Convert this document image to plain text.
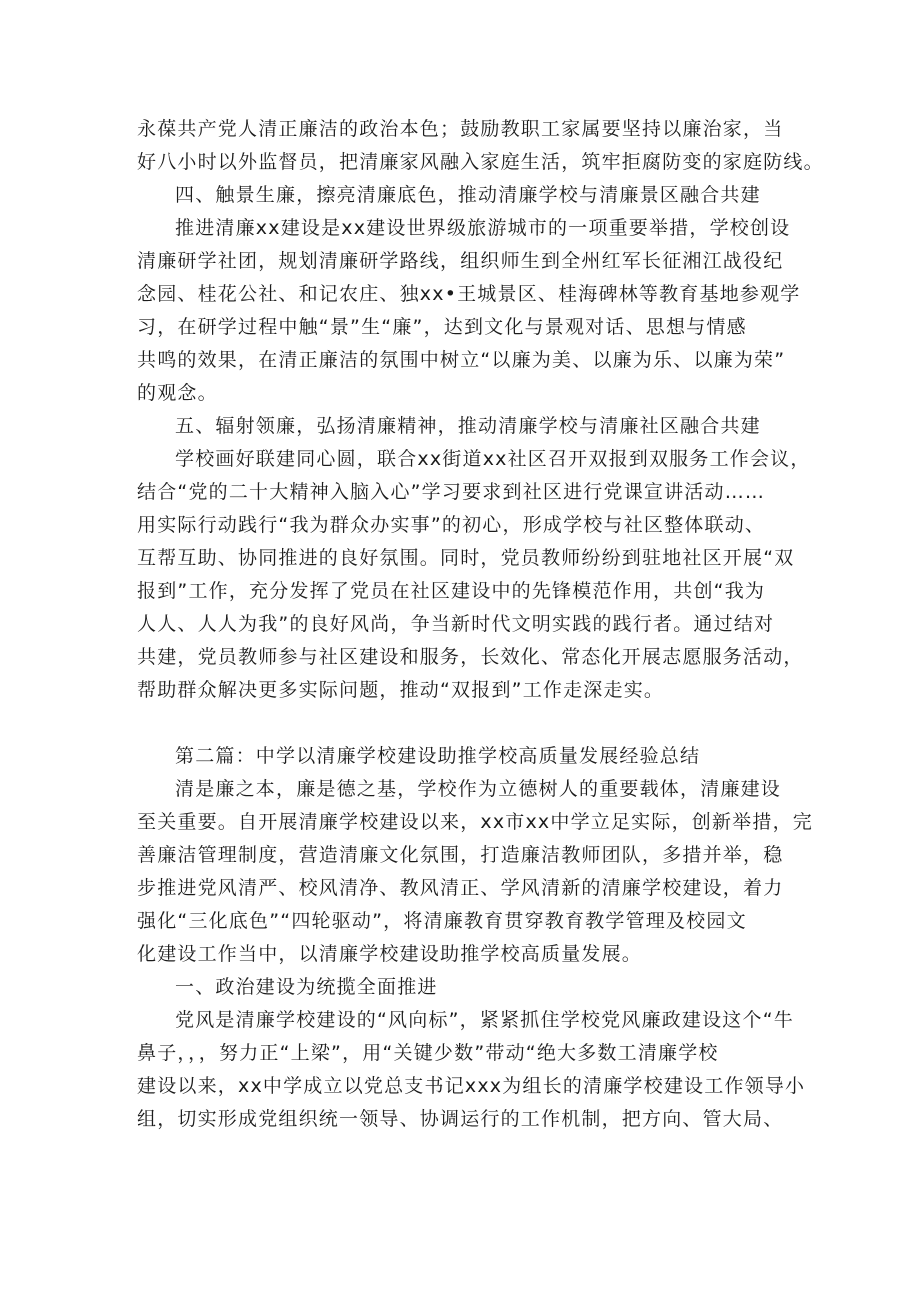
永葆共产党人清正廉洁的政治本色；鼓励教职工家属要坚持以廉治家，当
好八小时以外监督员，把清廉家风融入家庭生活，筑牢拒腐防变的家庭防线。
四、触景生廉，擦亮清廉底色，推动清廉学校与清廉景区融合共建
推进清廉xx建设是xx建设世界级旅游城市的一项重要举措，学校创设
清廉研学社团，规划清廉研学路线，组织师生到全州红军长征湘江战役纪
念园、桂花公社、和记农庄、独xx•王城景区、桂海碑林等教育基地参观学
习，在研学过程中触“景”生“廉”，达到文化与景观对话、思想与情感
共鸣的效果，在清正廉洁的氛围中树立“以廉为美、以廉为乐、以廉为荣”
的观念。
五、辐射领廉，弘扬清廉精神，推动清廉学校与清廉社区融合共建
学校画好联建同心圆，联合xx街道xx社区召开双报到双服务工作会议，
结合“党的二十大精神入脑入心”学习要求到社区进行党课宣讲活动……
用实际行动践行“我为群众办实事”的初心，形成学校与社区整体联动、
互帮互助、协同推进的良好氛围。同时，党员教师纷纷到驻地社区开展“双
报到”工作，充分发挥了党员在社区建设中的先锋模范作用，共创“我为
人人、人人为我”的良好风尚，争当新时代文明实践的践行者。通过结对
共建，党员教师参与社区建设和服务，长效化、常态化开展志愿服务活动，
帮助群众解决更多实际问题，推动“双报到”工作走深走实。
第二篇：中学以清廉学校建设助推学校高质量发展经验总结
清是廉之本，廉是德之基，学校作为立德树人的重要载体，清廉建设
至关重要。自开展清廉学校建设以来，xx市xx中学立足实际，创新举措，完
善廉洁管理制度，营造清廉文化氛围，打造廉洁教师团队，多措并举，稳
步推进党风清严、校风清净、教风清正、学风清新的清廉学校建设，着力
强化“三化底色”“四轮驱动”，将清廉教育贯穿教育教学管理及校园文
化建设工作当中，以清廉学校建设助推学校高质量发展。
一、政治建设为统揽全面推进
党风是清廉学校建设的“风向标”，紧紧抓住学校党风廉政建设这个“牛
鼻子，，，努力正“上梁”，用“关键少数”带动“绝大多数工清廉学校
建设以来，xx中学成立以党总支书记xxx为组长的清廉学校建设工作领导小
组，切实形成党组织统一领导、协调运行的工作机制，把方向、管大局、
